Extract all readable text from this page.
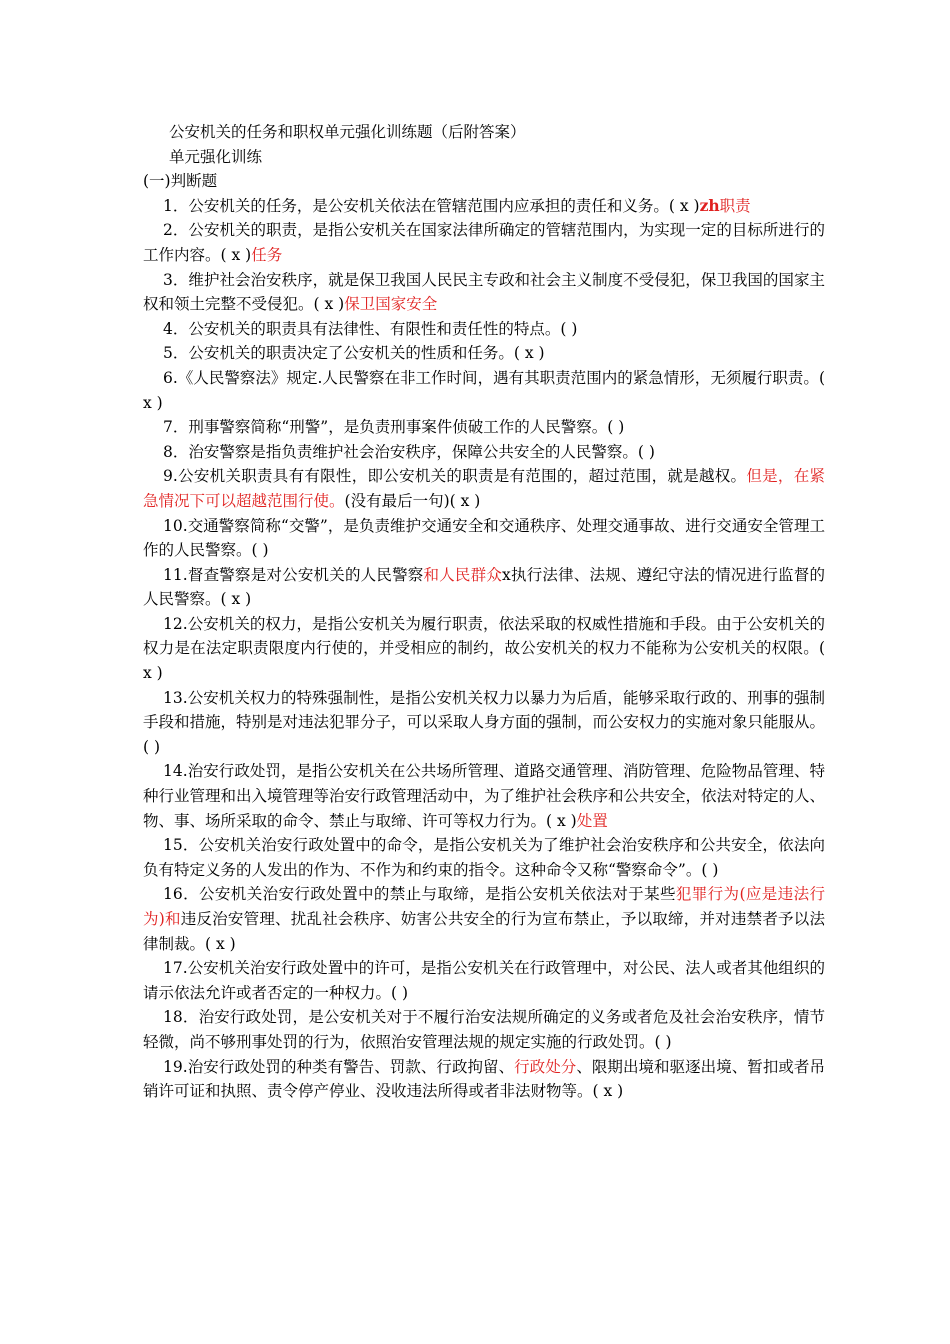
公安机关的任务和职权单元强化训练题（后附答案）

单元强化训练

(一)判断题

1．公安机关的任务，是公安机关依法在管辖范围内应承担的责任和义务。( x )zh职责

2．公安机关的职责，是指公安机关在国家法律所确定的管辖范围内，为实现一定的目标所进行的工作内容。( x )任务

3．维护社会治安秩序，就是保卫我国人民民主专政和社会主义制度不受侵犯，保卫我国的国家主权和领土完整不受侵犯。( x )保卫国家安全

4．公安机关的职责具有法律性、有限性和责任性的特点。( )

5．公安机关的职责决定了公安机关的性质和任务。( x )

6.《人民警察法》规定.人民警察在非工作时间，遇有其职责范围内的紧急情形，无须履行职责。( x )

7．刑事警察简称“刑警”，是负责刑事案件侦破工作的人民警察。( )

8．治安警察是指负责维护社会治安秩序，保障公共安全的人民警察。( )

9.公安机关职责具有有限性，即公安机关的职责是有范围的，超过范围，就是越权。但是，在紧急情况下可以超越范围行使。(没有最后一句)( x )

10.交通警察简称“交警”，是负责维护交通安全和交通秩序、处理交通事故、进行交通安全管理工作的人民警察。( )

11.督查警察是对公安机关的人民警察和人民群众x执行法律、法规、遵纪守法的情况进行监督的人民警察。( x )

12.公安机关的权力，是指公安机关为履行职责，依法采取的权威性措施和手段。由于公安机关的权力是在法定职责限度内行使的，并受相应的制约，故公安机关的权力不能称为公安机关的权限。( x )

13.公安机关权力的特殊强制性，是指公安机关权力以暴力为后盾，能够采取行政的、刑事的强制手段和措施，特别是对违法犯罪分子，可以采取人身方面的强制，而公安权力的实施对象只能服从。( )

14.治安行政处罚，是指公安机关在公共场所管理、道路交通管理、消防管理、危险物品管理、特种行业管理和出入境管理等治安行政管理活动中，为了维护社会秩序和公共安全，依法对特定的人、物、事、场所采取的命令、禁止与取缔、许可等权力行为。( x )处置

15．公安机关治安行政处置中的命令，是指公安机关为了维护社会治安秩序和公共安全，依法向负有特定义务的人发出的作为、不作为和约束的指令。这种命令又称“警察命令”。( )

16．公安机关治安行政处置中的禁止与取缔，是指公安机关依法对于某些犯罪行为(应是违法行为)和违反治安管理、扰乱社会秩序、妨害公共安全的行为宣布禁止，予以取缔，并对违禁者予以法律制裁。( x )

17.公安机关治安行政处置中的许可，是指公安机关在行政管理中，对公民、法人或者其他组织的请示依法允许或者否定的一种权力。( )

18．治安行政处罚，是公安机关对于不履行治安法规所确定的义务或者危及社会治安秩序，情节轻微，尚不够刑事处罚的行为，依照治安管理法规的规定实施的行政处罚。( )

19.治安行政处罚的种类有警告、罚款、行政拘留、行政处分、限期出境和驱逐出境、暂扣或者吊销许可证和执照、责令停产停业、没收违法所得或者非法财物等。( x )
